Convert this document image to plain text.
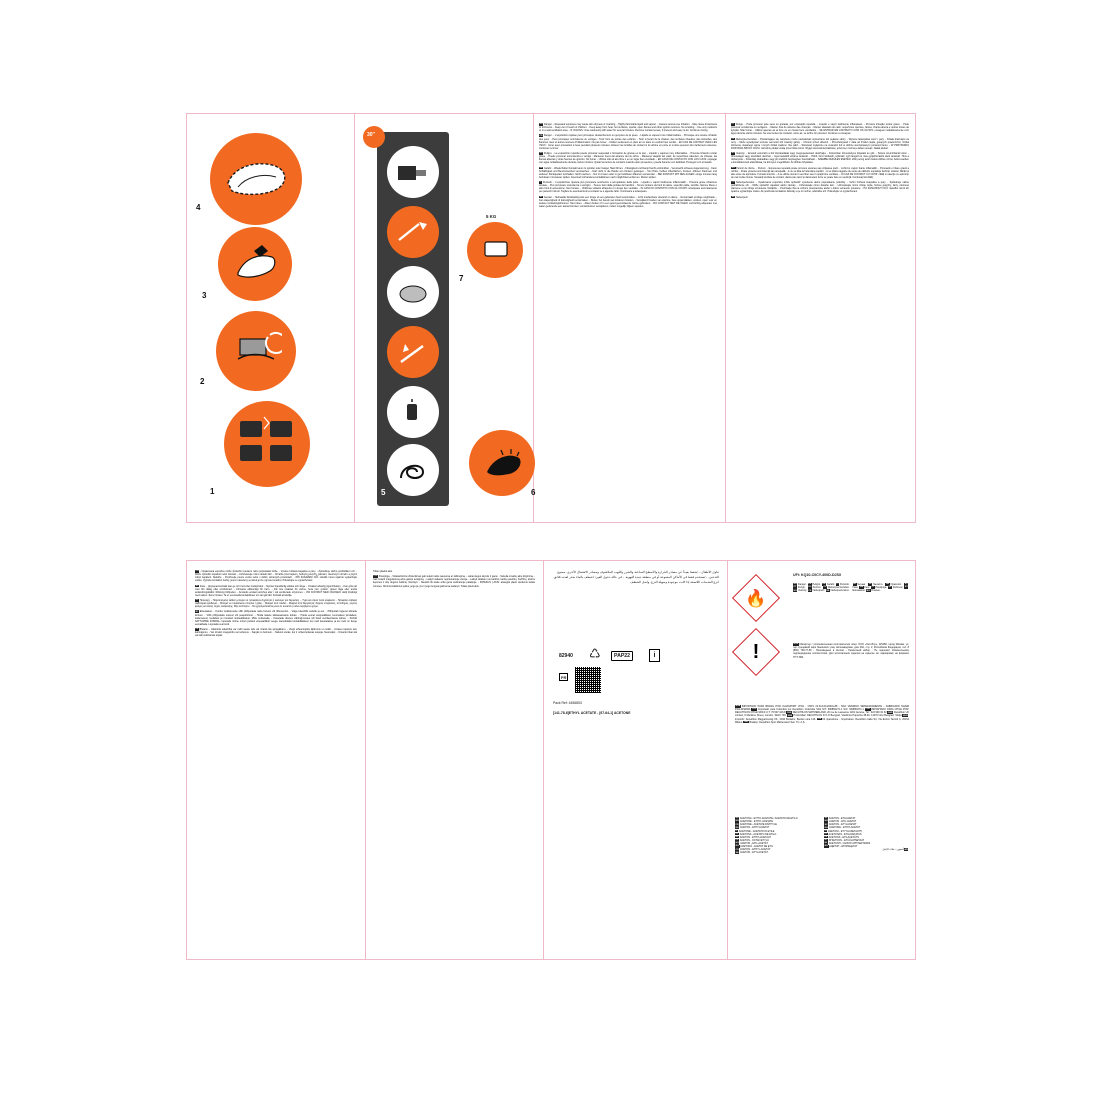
4
3
2
1	5
30″
5 KG
7
6

ENDanger. - Repeated exposure may cause skin dryness or cracking. - Highly flammable liquid and vapour. - Causes serious eye irritation. - May cause drowsiness or dizziness. - Keep out of reach of children. - Keep away from heat, hot surfaces, sparks, open flames and other ignition sources. No smoking. - Use only outdoors or in a well-ventilated area. - IF IN EYES: rinse cautiously with water for several minutes. Remove contact lenses, if present and easy to do. Continue rinsing.

FRDanger. - L'exposition répétée peut provoquer dessèchement ou gerçures de la peau. - Liquide et vapeurs très inflammables. - Provoque une sévère irritation des yeux. - Peut provoquer somnolence ou vertiges - Tenir hors de portée des enfants. - Tenir à l'écart de la chaleur, des surfaces chaudes, des étincelles, des flammes nues et autres sources d'inflammation. Ne pas fumer. - Utiliser seulement en plein air ou dans un endroit bien ventilé. - EN CAS DE CONTACT AVEC LES YEUX : rincer avec précaution à l'eau pendant plusieurs minutes. Enlever les lentilles de contact si la victime en porte et si elles peuvent être facilement enlevées. Continuer à rincer.

ESPeligro. - La exposición repetida puede provocar sequedad o formación de grietas en la piel. - Líquido y vapores muy inflamables. - Provoca irritación ocular grave. - Puede provocar somnolencia o vértigo - Mantener fuera del alcance de los niños. - Mantener alejado del calor, de superficies calientes, de chispas, las llamas abiertas y otras fuentes de ignición. No fumar. - Utilizar sólo al aire libre o en un lugar bien ventilado. - EN CASO DE CONTACTO CON LOS OJOS: enjuagar con agua cuidadosamente durante varios minutos. Quitar las lentes de contacto cuando estén presentes y pueda hacerse con facilidad. Proseguir con el lavado.

DEGefahr. - Wiederholter Kontakt kann zu spröder oder rissiger Haut führen. - Flüssigkeit und Dampf leicht entzündbar. - Verursacht schwere Augenreizung. - Kann Schläfrigkeit und Benommenheit verursachen. - Darf nicht in die Hände von Kindern gelangen. - Von Hitze, heißen Oberflächen, Funken, offenen Flammen und anderen Zündquellen fernhalten. Nicht rauchen. - Nur im Freien oder in gut belüfteten Räumen verwenden. - BEI KONTAKT MIT DEN AUGEN: einige minuten lang behutsam mit wasser spülen. Eventuell vorhandene kontaktlinsen nach möglichkeit entfernen. Weiter spülen.

ITPericolo. - L'esposizione ripetuta può provocare secchezza o screpolature della pelle. - Liquido e vapori facilmente infiammabili. - Provoca grave irritazione oculare. - Può provocare sonnolenza o vertigini. - Tenere fuori dalla portata dei bambini. - Tenere lontano da fonti di calore, superfici calde, scintille, fiamme libere o altre fonti di accensione. Non fumare. - Utilizzare soltanto all'aperto o in luogo ben ventilato. - IN CASO DI CONTATTO CON GLI OCCHI: sciacquare accuratamente per parecchi minuti. Togliere le eventuali lenti a contatto se è agevole farlo. Continuare a sciacquare.

NLGevaar. - Herhaalde blootstelling kan een droge of een gebarsten huid veroorzaken. - Licht ontvlambare vloeistof en damp. - Veroorzaakt ernstige oogirritatie. - Kan slaperigheid of duizeligheid veroorzaken. - Buiten het bereik van kinderen houden. - Verwijderd houden van warmte, hete oppervlakken, vonken, open vuur en andere ontstekingsbronnen. Niet roken. - Alleen buiten of in een goed geventileerde ruimte gebruiken. - BIJ CONTACT MET DE OGEN: voorzichtig afspoelen met water gedurende een aantal minuten; contactlenzen verwijderen, indien mogelijk; blijven spoelen.

PTPerigo. - Pode provocar pele seca ou gretada, por exposição repetida. - Líquido e vapor facilmente inflamáveis. - Provoca irritação ocular grave. - Pode provocar sonolência ou vertigens. - Manter fora do alcance das crianças. - Manter afastado do calor, superfícies quentes, faísca, chama aberta e outras fontes de ignição. Não fumar. - Utilizar apenas ao ar livre ou em locais bem ventilados. - SE ENTRAR EM CONTACTO COM OS OLHOS: enxaguar cuidadosamente com água durante vários minutos. Se usar lentes de contacto, retire-as, se tal lhe for possível. Continue a enxaguar.

PLNiebezpieczeństwo. - Powtarzające się narażenie może powodować wysuszanie lub pękanie skóry. - Wysoce łatwopalna ciecz i pary. - Działa drażniąco na oczy. - Może wywoływać uczucie senności lub zawroty głowy. - Chronić przed dziećmi. - Przechowywać z dala od źródeł ciepła, gorących powierzchni, źródeł iskrzenia, otwartego ognia i innych źródeł zapłonu. Nie palić. - Stosować wyłącznie na zewnątrz lub w dobrze wentylowanym pomieszczeniu. - W PRZYPADKU DOSTANIA SIĘ DO OCZU: ostrożnie płukać wodą przez kilka minut. Wyjąć soczewki kontaktowe, jeżeli są i można je łatwo usunąć. Nadal płukać.

HUVeszély. - Ismételt expozíció a bőr kiszáradását vagy megrepedezését okozhatja. - Fokozottan tűzveszélyes folyadék és gőz. - Súlyos szemirritációt okoz. - Álmosságot vagy szédülést okozhat. - Gyermekektől elzárva tartandó. - Hőtől, forró felülettől, szikrától, nyílt lángtól és más gyújtóforrástól távol tartandó. Tilos a dohányzás. - Kizárólag szabadban vagy jól szellőző helyiségben használható. - SZEMBE KERÜLÉS ESETÉN: több percig tartó óvatos öblítés vízzel. Adott esetben a kontaktlencsék eltávolítása, ha könnyen megoldható. Az öblítés folytatása.

ROPericol de rănire. - Pericol. - Expunerea repetată poate provoca uscarea sau crăparea pielii. - Lichid şi vapori foarte inflamabili. - Provoacă o iritare gravă a ochilor. - Poate provoca somnolenţă sau ameţeală. - A nu se lăsa la îndemâna copiilor. - A se păstra departe de surse de căldură, suprafeţe fierbinţi, scântei, flăcări şi alte surse de aprindere. Fumatul interzis. - A se utiliza numai în aer liber sau în spaţii bine ventilate. - ÎN CAZ DE CONTACT CU OCHII: clătiţi cu atenţie cu apă timp de mai multe minute. Scoateţi lentilele de contact, dacă este cazul şi dacă acest lucru se poate face cu uşurinţă. Continuaţi să clătiţi.

CSNebezpečenstvo. - Opakovaná expozícia môže spôsobiť vysušenie alebo popraskanie pokožky. - Veľmi horľavá kvapalina a pary. - Spôsobuje vážne podráždenie očí. - Môže spôsobiť ospalosť alebo závraty. - Uchovávajte mimo dosahu detí. - Uchovávajte mimo zdroje tepla, horúce povrchy, iskry, otvorené plamene a iné zdroje vznietenia. Nefajčite. - Používajte iba na voľnom priestranstve alebo v dobre vetranom priestore. - PO ZASIAHNUTÍ OČÍ: niekoľko minút ich opatrne vyplachujte vodou. Ak používate kontaktné šošovky a je to možné, odstráňte ich. Pokračujte vo vyplachovaní.

SKNebezpečí.

CS- Opakovaná expozice může způsobit vysušení nebo popraskání kůže. - Vysoce hořlavá kapalina a páry. - Způsobuje vážné podráždění očí. - Může způsobit ospalost nebo závratě. - Uchovávejte mimo dosah dětí. - Chraňte před teplem, horkými povrchy, jiskrami, otevřeným ohněm a jinými zdroji zapálení. Nekuřte. - Používejte pouze venku nebo v dobře větraných prostorách. - PŘI ZASAŽENÍ OČÍ: několik minut opatrně vyplachujte vodou. Vyjměte kontaktní čočky, jsou-li nasazeny a pokud je lze vyjmout snadno. Pokračujte ve vyplachování.

SVFara. - Upprepad kontakt kan ge torr hud eller hudsprickor. - Mycket brandfarlig vätska och ånga. - Orsakar allvarlig ögonirritation. - Kan göra att man blir dåsig eller omtöcknad. - Förvaras oåtkomligt för barn. - Får inte utsättas för värme, heta ytor, gnistor, öppen låga eller andra antändningskällor. Rökning förbjuden. - Används endast utomhus eller i väl ventilerade utrymmen. - VID KONTAKT MED ÖGONEN: skölj försiktigt med vatten i flera minuter. Ta ur eventuella kontaktlinser om det går lätt. Fortsätt att skölja.

ELΠροσοχή. - Παρατεταμένη έκθεση μπορεί να προκαλέσει ξηρότητα ή σκάσιμο του δέρματος. - Υγρό και ατμοί πολύ εύφλεκτα. - Προκαλεί σοβαρό οφθαλμικό ερεθισμό. - Μπορεί να προκαλέσει υπνηλία ή ζάλη. - Μακριά από παιδιά. - Μακριά από θερμότητα, θερμές επιφάνειες, σπινθήρες, γυμνές φλόγες και άλλες πηγές ανάφλεξης. Μην καπνίζετε. - Να χρησιμοποιείται μόνο σε ανοικτό ή καλά αεριζόμενο χώρο.

ETEttevaatust. - Korduv kokkupuude võib põhjustada naha kuivust või lõhenemist. - Väga tuleohtlik vedelik ja aur. - Põhjustab tugevat silmade ärritust. - Võib põhjustada unisust või peapööritust. - Hoida lastele kättesaamatus kohas. - Hoida eemal soojusallikast, kuumadest pindadest, sädemetest, leekidest ja muudest süüteallikatest. Mitte suitsetada. - Kasutada üksnes välitingimustes või hästi ventileeritavas kohas. - SILMA SATTUMISE KORRAL: loputada mitme minuti jooksul ettevaatlikult veega. Eemaldada kontaktläätsed, kui neid kasutatakse ja kui neid on kerge eemaldada. Loputada veel kord.

LVBīstami. - Atkārtota iedarbība var radīt sausu ādu vai izraisīt tās sprēgāšanu. - Viegli uzliesmojošs šķidrums un tvaiki. - Izraisa nopietnu acu kairinājumu. - Var izraisīt miegainību vai reiboņus. - Sargāt no bērniem. - Nelietot vietās, kur ir uzliesmošanas iespēja. Nesmēķēt. - Izmantot tikai ārā vai labi vēdināmās telpās.

Toliau plaukti akis.

LT2Pavojinga. - Videkartotinis užsiteršimas gali sukelti odos sausumą ar skilinėjimą. - Labai degus skystis ir garai. - Sukelia smarkų akių dirginimą. - Gali sukelti mieguistumą arba galvos svaigimą. - Laikyti vaikams neprieinamoje vietoje. - Laikyti atokiau nuo karščio, karštų paviršių, žiežirbų, atviros liepsnos ir kitų degimo šaltinių. Nerūkyti. - Naudoti tik lauke arba gerai vėdinamoje patalpoje. - PATEKUS Į AKIS: atsargiai plauti vandeniu kelias minutes. Išimti kontaktinius lęšius, jeigu jie yra ir jeigu lengvai galima tai padaryti. Toliau plauti akis.

تناول الأطفال. - يُحفظ بعيداً عن مصادر الحرارة والأسطح الساخنة والشرر واللهب المكشوف ومصادر الاشتعال الأخرى. ممنوع التدخين. - يُستخدم فقط في الأماكن المفتوحة أو في منطقة جيدة التهوية. - في حالة دخول العين: اشطف بالماء بحذر لعدة دقائق. انزع العدسات اللاصقة إذا كانت موجودة وسهلة النزع. واصل الشطف.
♺
82940	PAP22	i
FR
Pack Ref: 4456853
[141-78-6]ETHYL ACETATE - [67-64-1] ACETONE
🔥
!
UFI: KQ10-C0CY-400D-DJSX
ENDanger. ESPeligro. DEGefahr. ITPericolo. PTPerigo. ROPericol. PLNiebezpieczeństwo. HUVeszély. CSNebezpečí. SKNebezpečenstvo. NLGevaar. SLNevarno. HROpasnost. SVFara. DAFare. LTPavojinga. ELΚίνδυνος. ETEttevaatust. BGОпасно.
RUSИмпортер / уполномоченная изготовителем лицо: ООО «Октоблу», 115280, город Москва, ул. тер. кунцевкий парк Ленинских улиц Автозаводская, дом 23А, стр. 2, Российская Федерация, тел. 8 (800) 700-77-66 - Произведено в Англии - Ремонтный набор - Не подлежит обязательному подтверждению соответствия. Для изготовления изделия на изделие см. маркировку на формате ГГГГ-ММ.
BRAIMPORTADO PARA BRASIL POR IGUASPORT LTDA - CNPJ 02.314.041/0001-88 - NÃO VENDIDO SEPARADAMENTE - FABRICADO NA/EM INGLATERRA COLImportado para Colombia por Decathlon Colombia SAS NIT: 900860271-1 SIC: 900860271-1 CHLIMPORTADO PARA CHILE POR: DECATHLON CHILE SPA R.U.T. 76.507.443-8 CHEDECATHLON SWITZERLAND, 20 rue de Lausanne 1201 Genève, Tel : 022 900 32 32 GBRDecathlon UK Limited, 9 Maritime Street, London, SE16 7FU SRBProizvođač: DECATHLON D.O.O Beograd, Vladimira Popovića 38-40, 11070 Novi Beograd, Srbija HUNImportőr: Decathlon Magyarország Kft., 2040 Budaörs, Baross utca 146. ITAKit riparazione - Importatore: Decathlon Italia Srl, Via Enrico Tazzoli 6, 20154 Milano TURİthalatçı: Decathlon Spor Malzemeleri San. Tic. A.Ş.
ESACETONA - ETHYL ACETATE / ACETATO DE ETILO
ENACETONE - ETHYL ACETATE
FRACÉTONE - ACÉTATE D'ÉTHYLE
DEACETON - ETHYLACETAT
ITACETONE - ACETATO DI ETILE
PTACETONA - ACETATO DE ETILO
NLACETON - ETHYLACETAAT
PLACETON - OCTAN ETYLU
HUACETON - ETIL-ACETÁT
ROACETONĂ - ACETAT DE ETIL
CSACETON - ETHYL-ACETÁT
SKACETÓN - ETYLACETÁT
SLACETON - ETILACETAT
HRACETON - ETIL ACETAT
SVACETON - ETYLACETAT
DAACETONE - ETHYLACETAT
FIASETONI - ETYYLIASETAATTI
LTACETONAS - ETILACETATAS
LVACETONS - ETILACETĀTS
ETATSETOON - ETÜÜLATSETAAT
ELΑΚΕΤΟΝΗ - ΟΞΙΚΟΣ ΑΙΘΥΛΕΣΤΕΡΑΣ
BGАЦЕТОН - ЕТИЛАЦЕТАТ
ARأسيتون - خلات الإيثيل
